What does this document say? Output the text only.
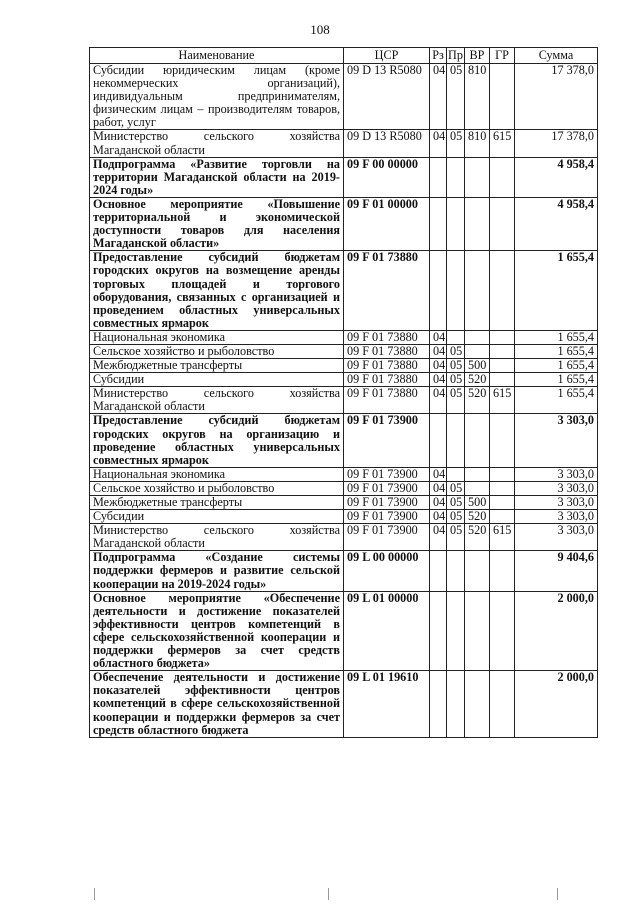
108
Наименование	ЦСР	Рз	Пр	ВР	ГР	Сумма
Субсидии юридическим лицам (кроме некоммерческих организаций), индивидуальным предпринимателям, физическим лицам – производителям товаров, работ, услуг	09 D 13 R5080	04	05	810		17 378,0
Министерство сельского хозяйства Магаданской области	09 D 13 R5080	04	05	810	615	17 378,0
Подпрограмма «Развитие торговли на территории Магаданской области на 2019-2024 годы»	09 F 00 00000					4 958,4
Основное мероприятие «Повышение территориальной и экономической доступности товаров для населения Магаданской области»	09 F 01 00000					4 958,4
Предоставление субсидий бюджетам городских округов на возмещение аренды торговых площадей и торгового оборудования, связанных с организацией и проведением областных универсальных совместных ярмарок	09 F 01 73880					1 655,4
Национальная экономика	09 F 01 73880	04				1 655,4
Сельское хозяйство и рыболовство	09 F 01 73880	04	05			1 655,4
Межбюджетные трансферты	09 F 01 73880	04	05	500		1 655,4
Субсидии	09 F 01 73880	04	05	520		1 655,4
Министерство сельского хозяйства Магаданской области	09 F 01 73880	04	05	520	615	1 655,4
Предоставление субсидий бюджетам городских округов на организацию и проведение областных универсальных совместных ярмарок	09 F 01 73900					3 303,0
Национальная экономика	09 F 01 73900	04				3 303,0
Сельское хозяйство и рыболовство	09 F 01 73900	04	05			3 303,0
Межбюджетные трансферты	09 F 01 73900	04	05	500		3 303,0
Субсидии	09 F 01 73900	04	05	520		3 303,0
Министерство сельского хозяйства Магаданской области	09 F 01 73900	04	05	520	615	3 303,0
Подпрограмма «Создание системы поддержки фермеров и развитие сельской кооперации на 2019-2024 годы»	09 L 00 00000					9 404,6
Основное мероприятие «Обеспечение деятельности и достижение показателей эффективности центров компетенций в сфере сельскохозяйственной кооперации и поддержки фермеров за счет средств областного бюджета»	09 L 01 00000					2 000,0
Обеспечение деятельности и достижение показателей эффективности центров компетенций в сфере сельскохозяйственной кооперации и поддержки фермеров за счет средств областного бюджета	09 L 01 19610					2 000,0
